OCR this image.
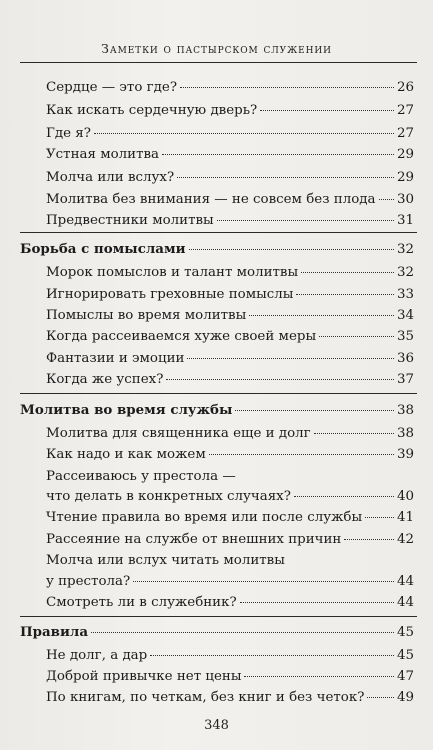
Заметки о пастырском служении
Сердце — это где?	26
Как искать сердечную дверь?	27
Где я?	27
Устная молитва	29
Молча или вслух?	29
Молитва без внимания — не совсем без плода 30
Предвестники молитвы	31
Борьба с помыслами	32
Морок помыслов и талант молитвы	32
Игнорировать греховные помыслы	33
Помыслы во время молитвы	34
Когда рассеиваемся хуже своей меры	35
Фантазии и эмоции	36
Когда же успех?	37
Молитва во время службы	38
Молитва для священника еще и долг	38
Как надо и как можем	39
Рассеиваюсь у престола —
что делать в конкретных случаях?	40
Чтение правила во время или после службы	41
Рассеяние на службе от внешних причин	42
Молча или вслух читать молитвы
у престола?	44
Смотреть ли в служебник?	44
Правила	45
Не долг, а дар	45
Доброй привычке нет цены	47
По книгам, по четкам, без книг и без четок? 49
348
